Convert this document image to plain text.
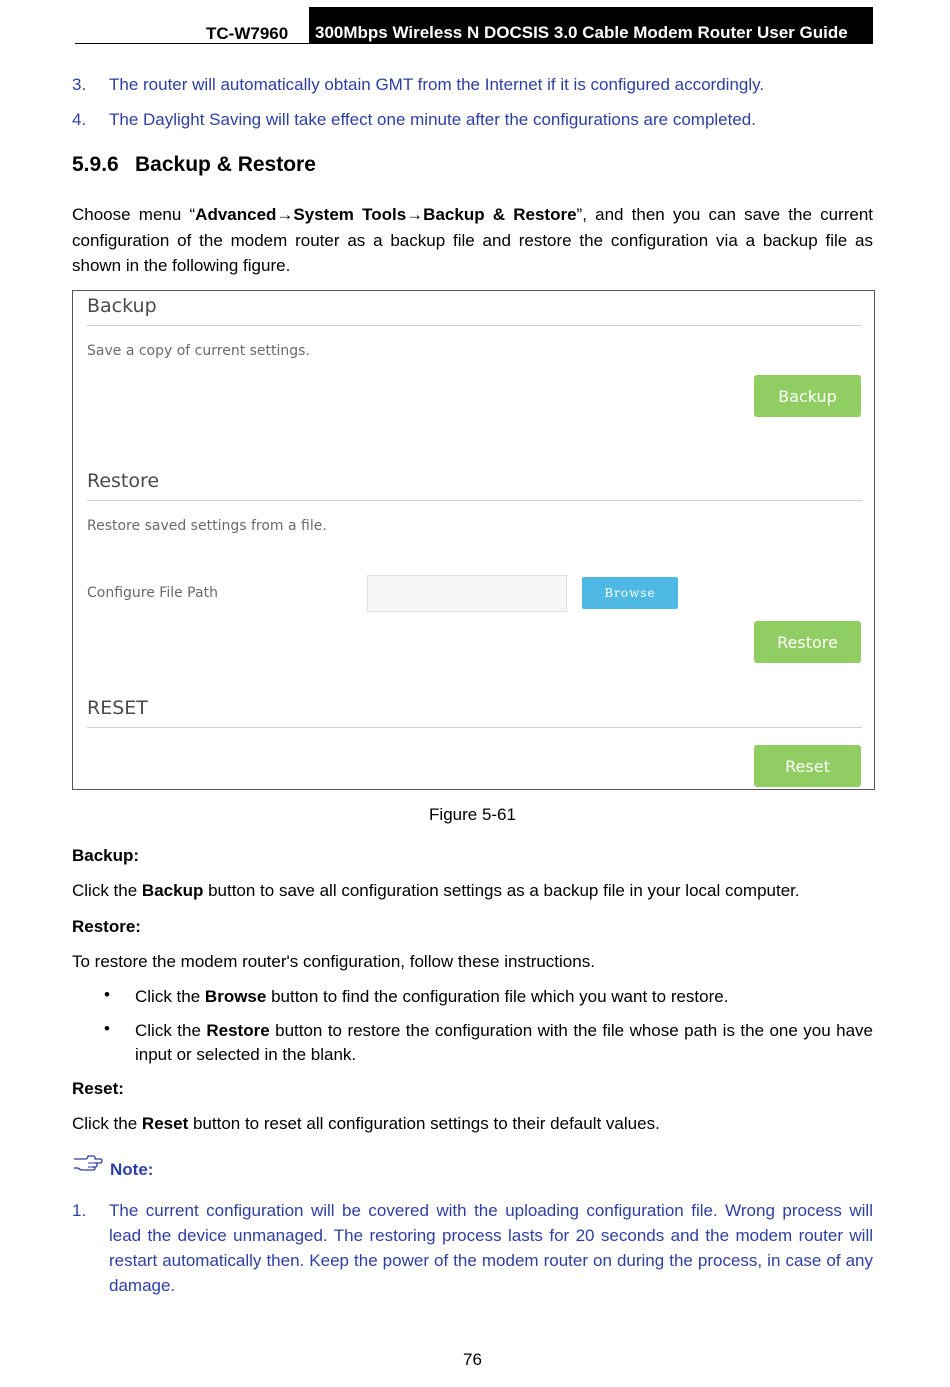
TC-W7960	300Mbps Wireless N DOCSIS 3.0 Cable Modem Router User Guide
3. The router will automatically obtain GMT from the Internet if it is configured accordingly.
4. The Daylight Saving will take effect one minute after the configurations are completed.
5.9.6 Backup & Restore
Choose menu “Advanced→System Tools→Backup & Restore”, and then you can save the current configuration of the modem router as a backup file and restore the configuration via a backup file as shown in the following figure.
Backup
Save a copy of current settings.
Backup
Restore
Restore saved settings from a file.
Configure File Path	Browse
Restore
RESET
Reset
Figure 5-61
Backup:
Click the Backup button to save all configuration settings as a backup file in your local computer.
Restore:
To restore the modem router's configuration, follow these instructions.
• Click the Browse button to find the configuration file which you want to restore.
• Click the Restore button to restore the configuration with the file whose path is the one you have input or selected in the blank.
Reset:
Click the Reset button to reset all configuration settings to their default values.
Note:
1. The current configuration will be covered with the uploading configuration file. Wrong process will lead the device unmanaged. The restoring process lasts for 20 seconds and the modem router will restart automatically then. Keep the power of the modem router on during the process, in case of any damage.
76
